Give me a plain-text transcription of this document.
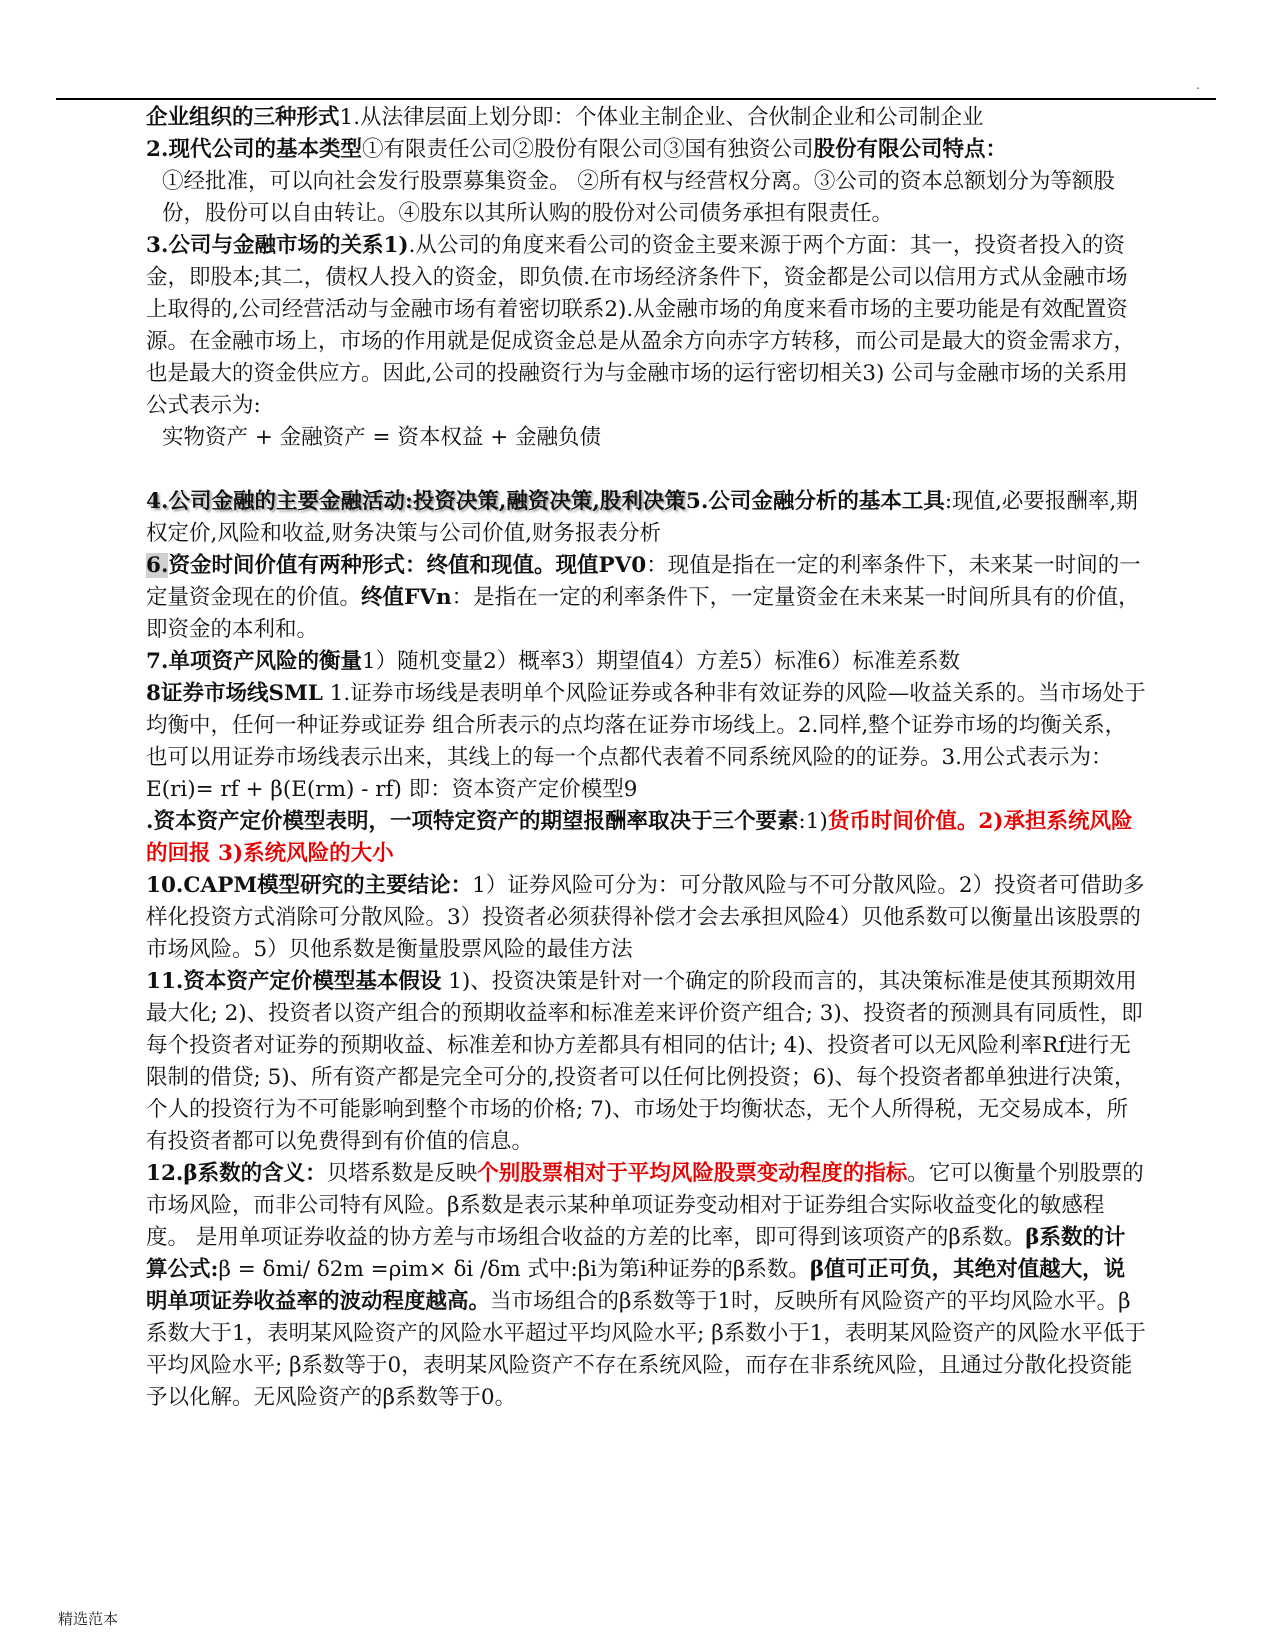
.

企业组织的三种形式1.从法律层面上划分即：个体业主制企业、合伙制企业和公司制企业

2.现代公司的基本类型①有限责任公司②股份有限公司③国有独资公司股份有限公司特点：
①经批准，可以向社会发行股票募集资金。 ②所有权与经营权分离。③公司的资本总额划分为等额股份，股份可以自由转让。④股东以其所认购的股份对公司债务承担有限责任。

3.公司与金融市场的关系1).从公司的角度来看公司的资金主要来源于两个方面：其一，投资者投入的资金，即股本;其二，债权人投入的资金，即负债.在市场经济条件下，资金都是公司以信用方式从金融市场上取得的,公司经营活动与金融市场有着密切联系2).从金融市场的角度来看市场的主要功能是有效配置资源。在金融市场上，市场的作用就是促成资金总是从盈余方向赤字方转移，而公司是最大的资金需求方，也是最大的资金供应方。因此,公司的投融资行为与金融市场的运行密切相关3) 公司与金融市场的关系用公式表示为:
实物资产 + 金融资产 = 资本权益 + 金融负债

4.公司金融的主要金融活动:投资决策,融资决策,股利决策5.公司金融分析的基本工具:现值,必要报酬率,期权定价,风险和收益,财务决策与公司价值,财务报表分析

6.资金时间价值有两种形式：终值和现值。现值PV0：现值是指在一定的利率条件下，未来某一时间的一定量资金现在的价值。终值FVn：是指在一定的利率条件下，一定量资金在未来某一时间所具有的价值，即资金的本利和。

7.单项资产风险的衡量1）随机变量2）概率3）期望值4）方差5）标准6）标准差系数

8证券市场线SML 1.证券市场线是表明单个风险证券或各种非有效证券的风险—收益关系的。当市场处于均衡中，任何一种证券或证券 组合所表示的点均落在证券市场线上。2.同样,整个证券市场的均衡关系，也可以用证券市场线表示出来，其线上的每一个点都代表着不同系统风险的的证券。3.用公式表示为：E(ri)= rf + β(E(rm) - rf) 即：资本资产定价模型9

.资本资产定价模型表明，一项特定资产的期望报酬率取决于三个要素:1)货币时间价值。2)承担系统风险的回报 3)系统风险的大小

10.CAPM模型研究的主要结论：1）证券风险可分为：可分散风险与不可分散风险。2）投资者可借助多样化投资方式消除可分散风险。3）投资者必须获得补偿才会去承担风险4）贝他系数可以衡量出该股票的市场风险。5）贝他系数是衡量股票风险的最佳方法

11.资本资产定价模型基本假设 1)、投资决策是针对一个确定的阶段而言的，其决策标准是使其预期效用最大化; 2)、投资者以资产组合的预期收益率和标准差来评价资产组合; 3)、投资者的预测具有同质性，即每个投资者对证券的预期收益、标准差和协方差都具有相同的估计; 4)、投资者可以无风险利率Rf进行无限制的借贷; 5)、所有资产都是完全可分的,投资者可以任何比例投资；6)、每个投资者都单独进行决策，个人的投资行为不可能影响到整个市场的价格; 7)、市场处于均衡状态，无个人所得税，无交易成本，所有投资者都可以免费得到有价值的信息。

12.β系数的含义：贝塔系数是反映个别股票相对于平均风险股票变动程度的指标。它可以衡量个别股票的市场风险，而非公司特有风险。β系数是表示某种单项证券变动相对于证券组合实际收益变化的敏感程度。 是用单项证券收益的协方差与市场组合收益的方差的比率，即可得到该项资产的β系数。β系数的计算公式:β = δmi/ δ2m =ρim× δi /δm 式中:βi为第i种证券的β系数。β值可正可负，其绝对值越大，说明单项证券收益率的波动程度越高。当市场组合的β系数等于1时，反映所有风险资产的平均风险水平。β系数大于1，表明某风险资产的风险水平超过平均风险水平; β系数小于1，表明某风险资产的风险水平低于平均风险水平; β系数等于0，表明某风险资产不存在系统风险，而存在非系统风险，且通过分散化投资能予以化解。无风险资产的β系数等于0。

精选范本
